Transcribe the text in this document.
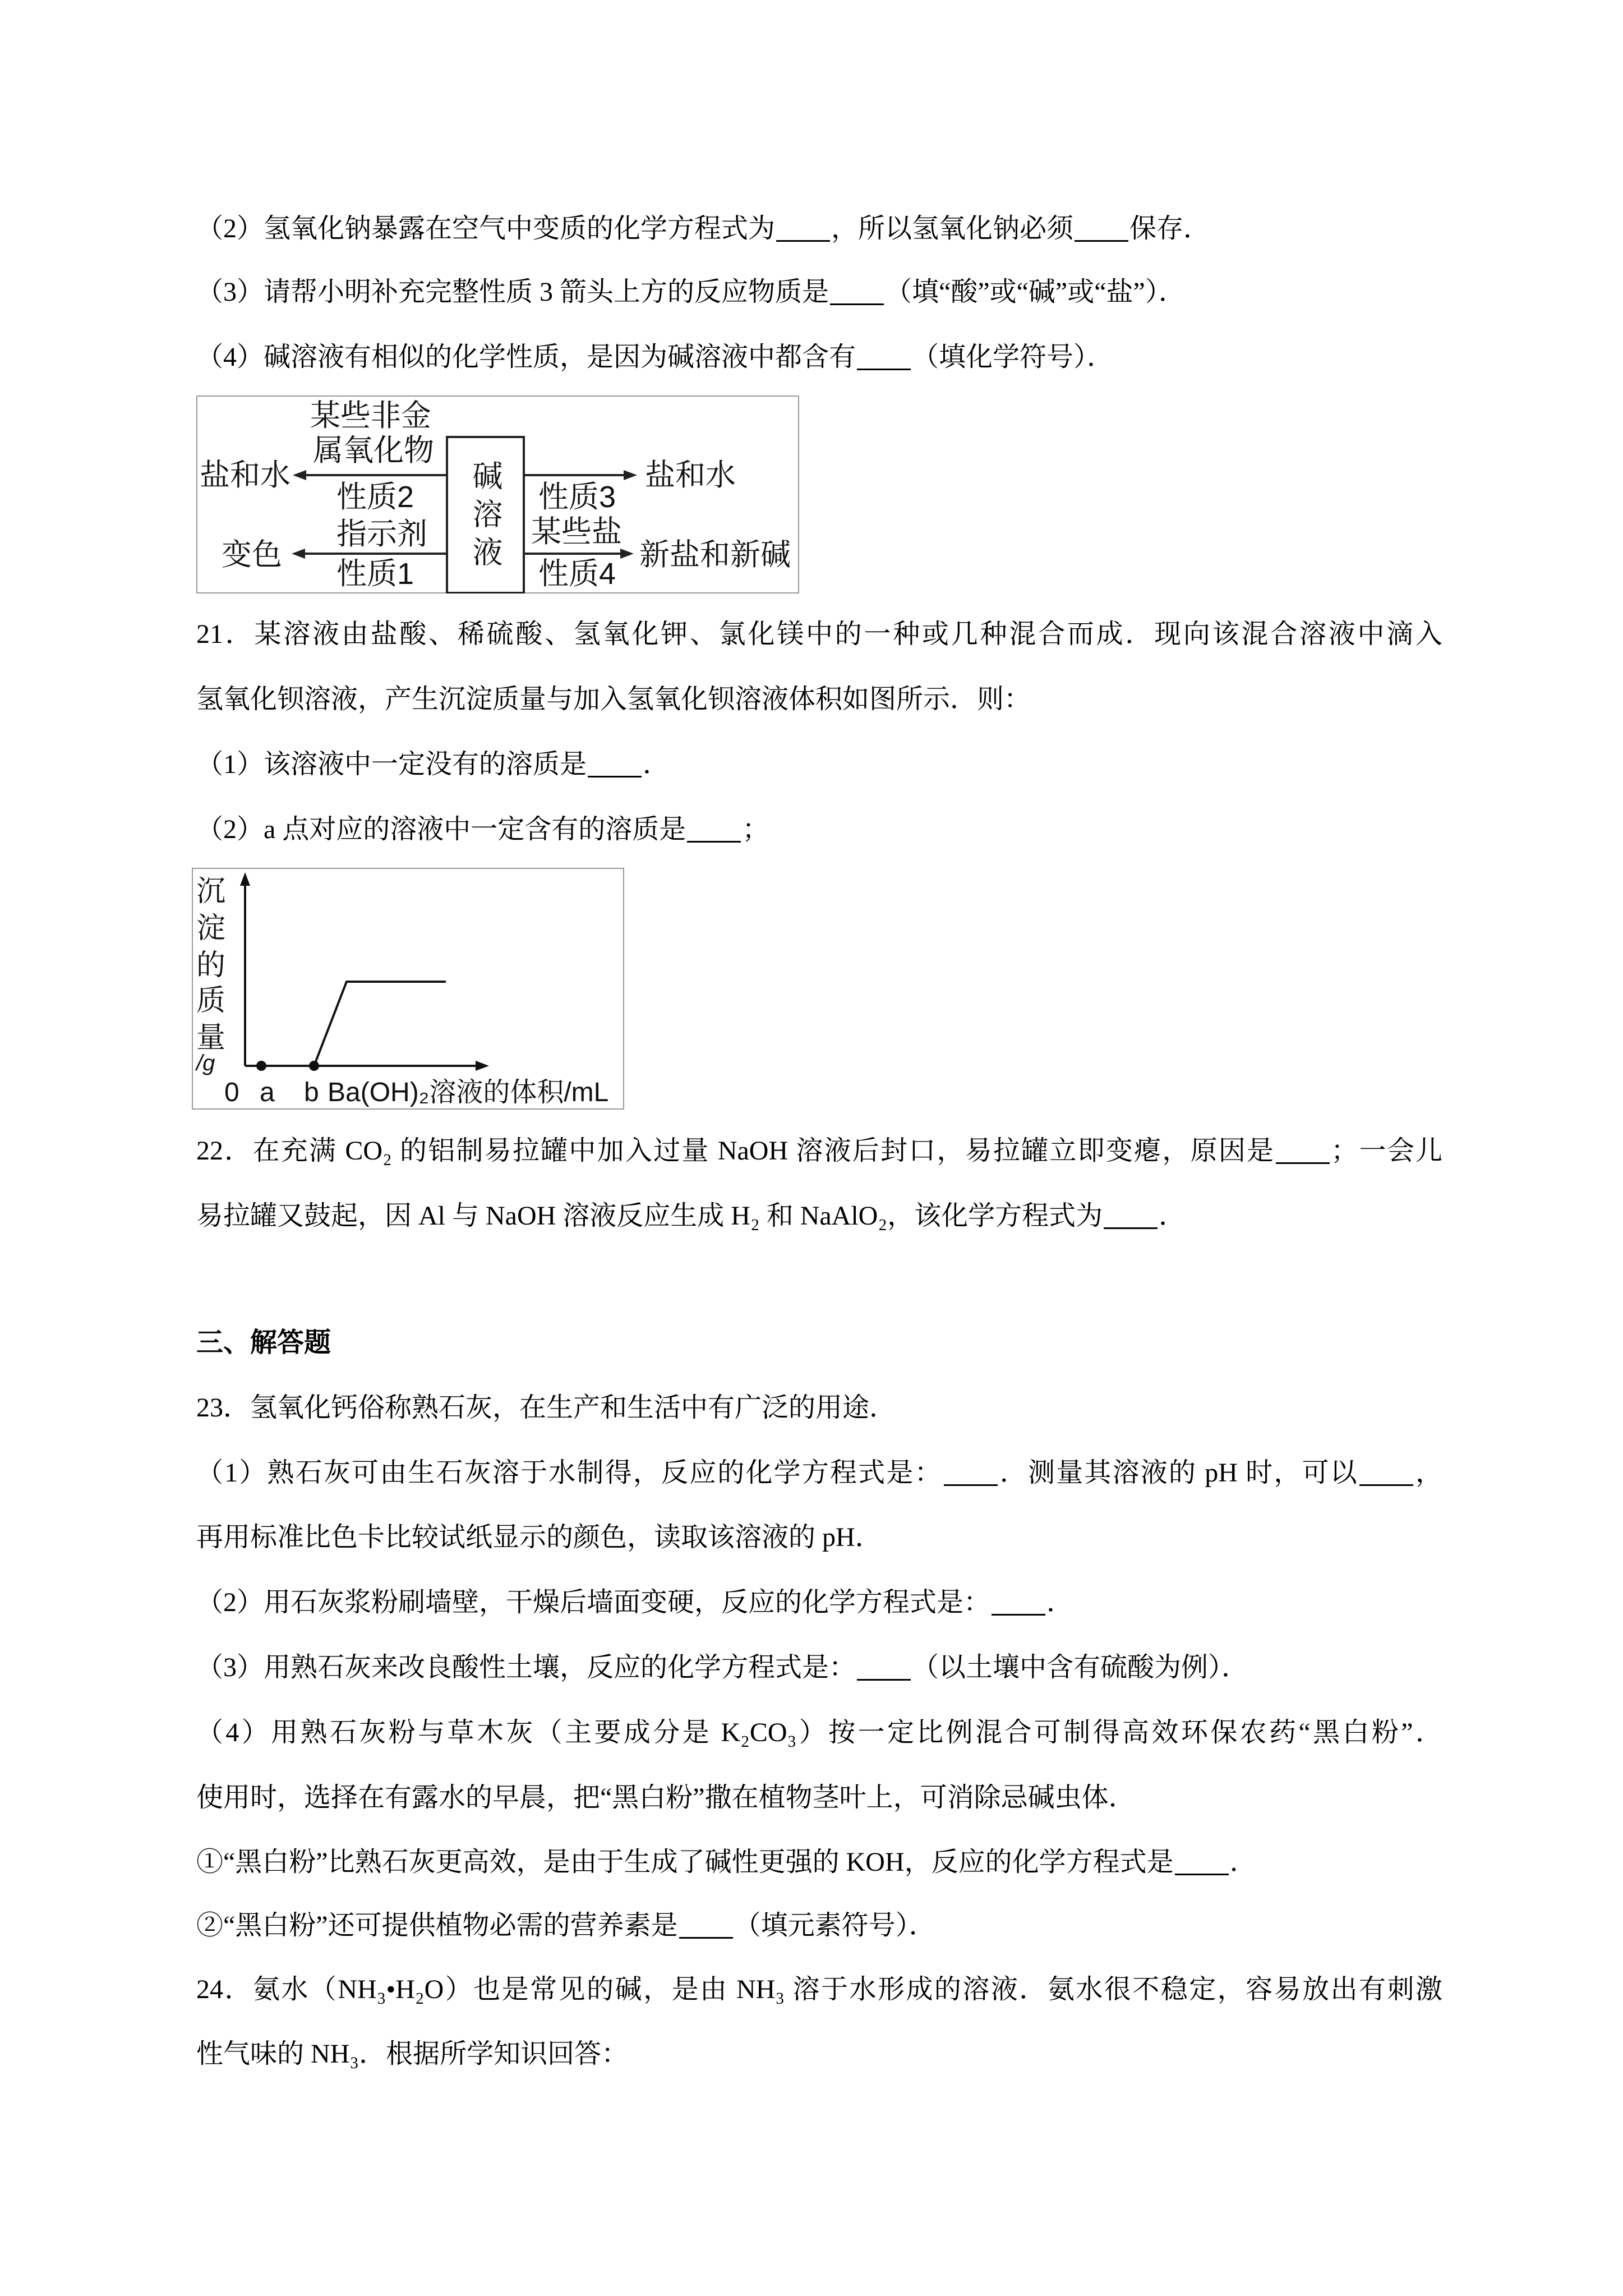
（2）氢氧化钠暴露在空气中变质的化学方程式为 ，所以氢氧化钠必须 保存．
（3）请帮小明补充完整性质 3 箭头上方的反应物质是 （填“酸”或“碱”或“盐”）．
（4）碱溶液有相似的化学性质，是因为碱溶液中都含有 （填化学符号）．
碱溶液
某些非金
属氧化物
盐和水
性质2
指示剂
变色
性质1
性质3
盐和水
某些盐
新盐和新碱
性质4
21．某溶液由盐酸、稀硫酸、氢氧化钾、氯化镁中的一种或几种混合而成．现向该混合溶液中滴入
氢氧化钡溶液，产生沉淀质量与加入氢氧化钡溶液体积如图所示．则：
（1）该溶液中一定没有的溶质是 ．
（2）a 点对应的溶液中一定含有的溶质是 ；
沉
淀
的
质
量
/g
0 a b Ba(OH)₂溶液的体积/mL
22．在充满 CO₂ 的铝制易拉罐中加入过量 NaOH 溶液后封口，易拉罐立即变瘪，原因是 ；一会儿
易拉罐又鼓起，因 Al 与 NaOH 溶液反应生成 H₂ 和 NaAlO₂，该化学方程式为 ．
三、解答题
23．氢氧化钙俗称熟石灰，在生产和生活中有广泛的用途．
（1）熟石灰可由生石灰溶于水制得，反应的化学方程式是： ．测量其溶液的 pH 时，可以 ，
再用标准比色卡比较试纸显示的颜色，读取该溶液的 pH．
（2）用石灰浆粉刷墙壁，干燥后墙面变硬，反应的化学方程式是： ．
（3）用熟石灰来改良酸性土壤，反应的化学方程式是： （以土壤中含有硫酸为例）．
（4）用熟石灰粉与草木灰（主要成分是 K₂CO₃）按一定比例混合可制得高效环保农药“黑白粉”．
使用时，选择在有露水的早晨，把“黑白粉”撒在植物茎叶上，可消除忌碱虫体．
①“黑白粉”比熟石灰更高效，是由于生成了碱性更强的 KOH，反应的化学方程式是 ．
②“黑白粉”还可提供植物必需的营养素是 （填元素符号）．
24．氨水（NH₃•H₂O）也是常见的碱，是由 NH₃ 溶于水形成的溶液．氨水很不稳定，容易放出有刺激
性气味的 NH₃．根据所学知识回答：
